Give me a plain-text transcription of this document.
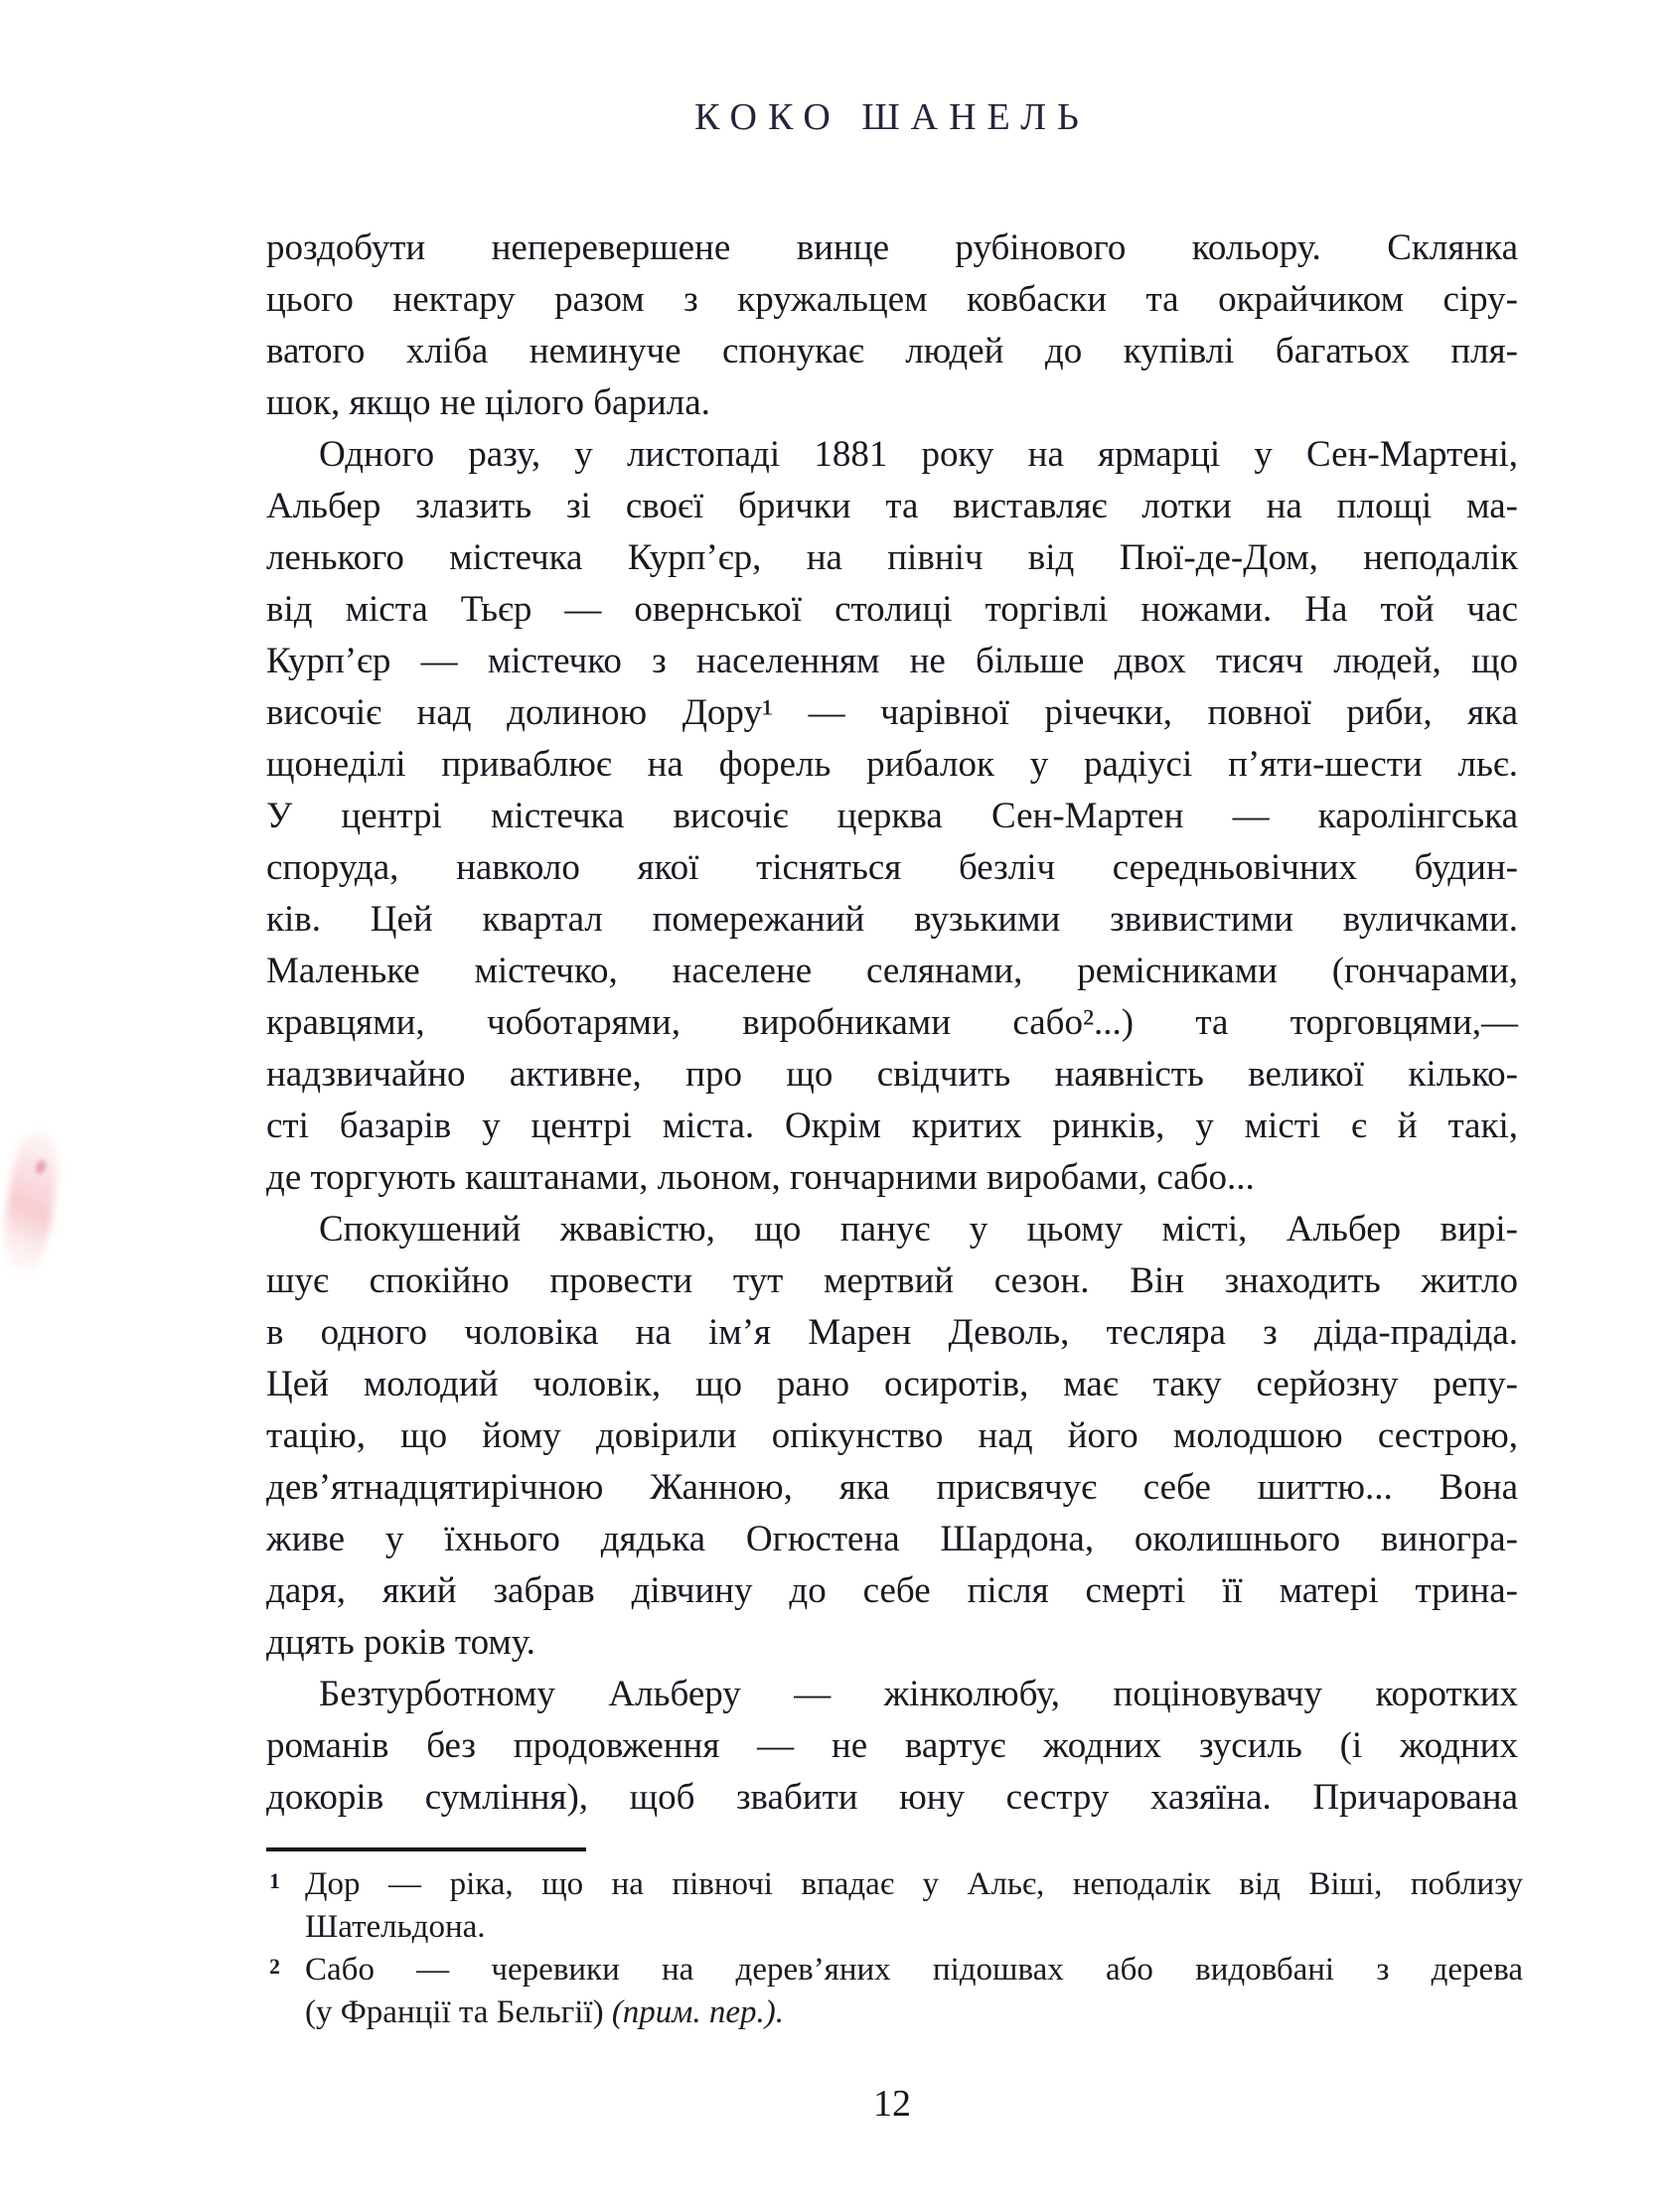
КОКО ШАНЕЛЬ
роздобути неперевершене винце рубінового кольору. Склянка
цього нектару разом з кружальцем ковбаски та окрайчиком сіру-
ватого хліба неминуче спонукає людей до купівлі багатьох пля-
шок, якщо не цілого барила.
Одного разу, у листопаді 1881 року на ярмарці у Сен-Мартені,
Альбер злазить зі своєї брички та виставляє лотки на площі ма-
ленького містечка Курп’єр, на північ від Пюї-де-Дом, неподалік
від міста Тьєр — овернської столиці торгівлі ножами. На той час
Курп’єр — містечко з населенням не більше двох тисяч людей, що
височіє над долиною Дору¹ — чарівної річечки, повної риби, яка
щонеділі приваблює на форель рибалок у радіусі п’яти-шести льє.
У центрі містечка височіє церква Сен-Мартен — каролінгська
споруда, навколо якої тісняться безліч середньовічних будин-
ків. Цей квартал помережаний вузькими звивистими вуличками.
Маленьке містечко, населене селянами, ремісниками (гончарами,
кравцями, чоботарями, виробниками сабо²...) та торговцями,—
надзвичайно активне, про що свідчить наявність великої кілько-
сті базарів у центрі міста. Окрім критих ринків, у місті є й такі,
де торгують каштанами, льоном, гончарними виробами, сабо...
Спокушений жвавістю, що панує у цьому місті, Альбер вирі-
шує спокійно провести тут мертвий сезон. Він знаходить житло
в одного чоловіка на ім’я Марен Деволь, тесляра з діда-прадіда.
Цей молодий чоловік, що рано осиротів, має таку серйозну репу-
тацію, що йому довірили опікунство над його молодшою сестрою,
дев’ятнадцятирічною Жанною, яка присвячує себе шиттю... Вона
живе у їхнього дядька Огюстена Шардона, околишнього виногра-
даря, який забрав дівчину до себе після смерті її матері трина-
дцять років тому.
Безтурботному Альберу — жінколюбу, поціновувачу коротких
романів без продовження — не вартує жодних зусиль (і жодних
докорів сумління), щоб звабити юну сестру хазяїна. Причарована
1 Дор — ріка, що на півночі впадає у Альє, неподалік від Віші, поблизу
Шательдона.
2 Сабо — черевики на дерев’яних підошвах або видовбані з дерева
(у Франції та Бельгії) (прим. пер.).
12
